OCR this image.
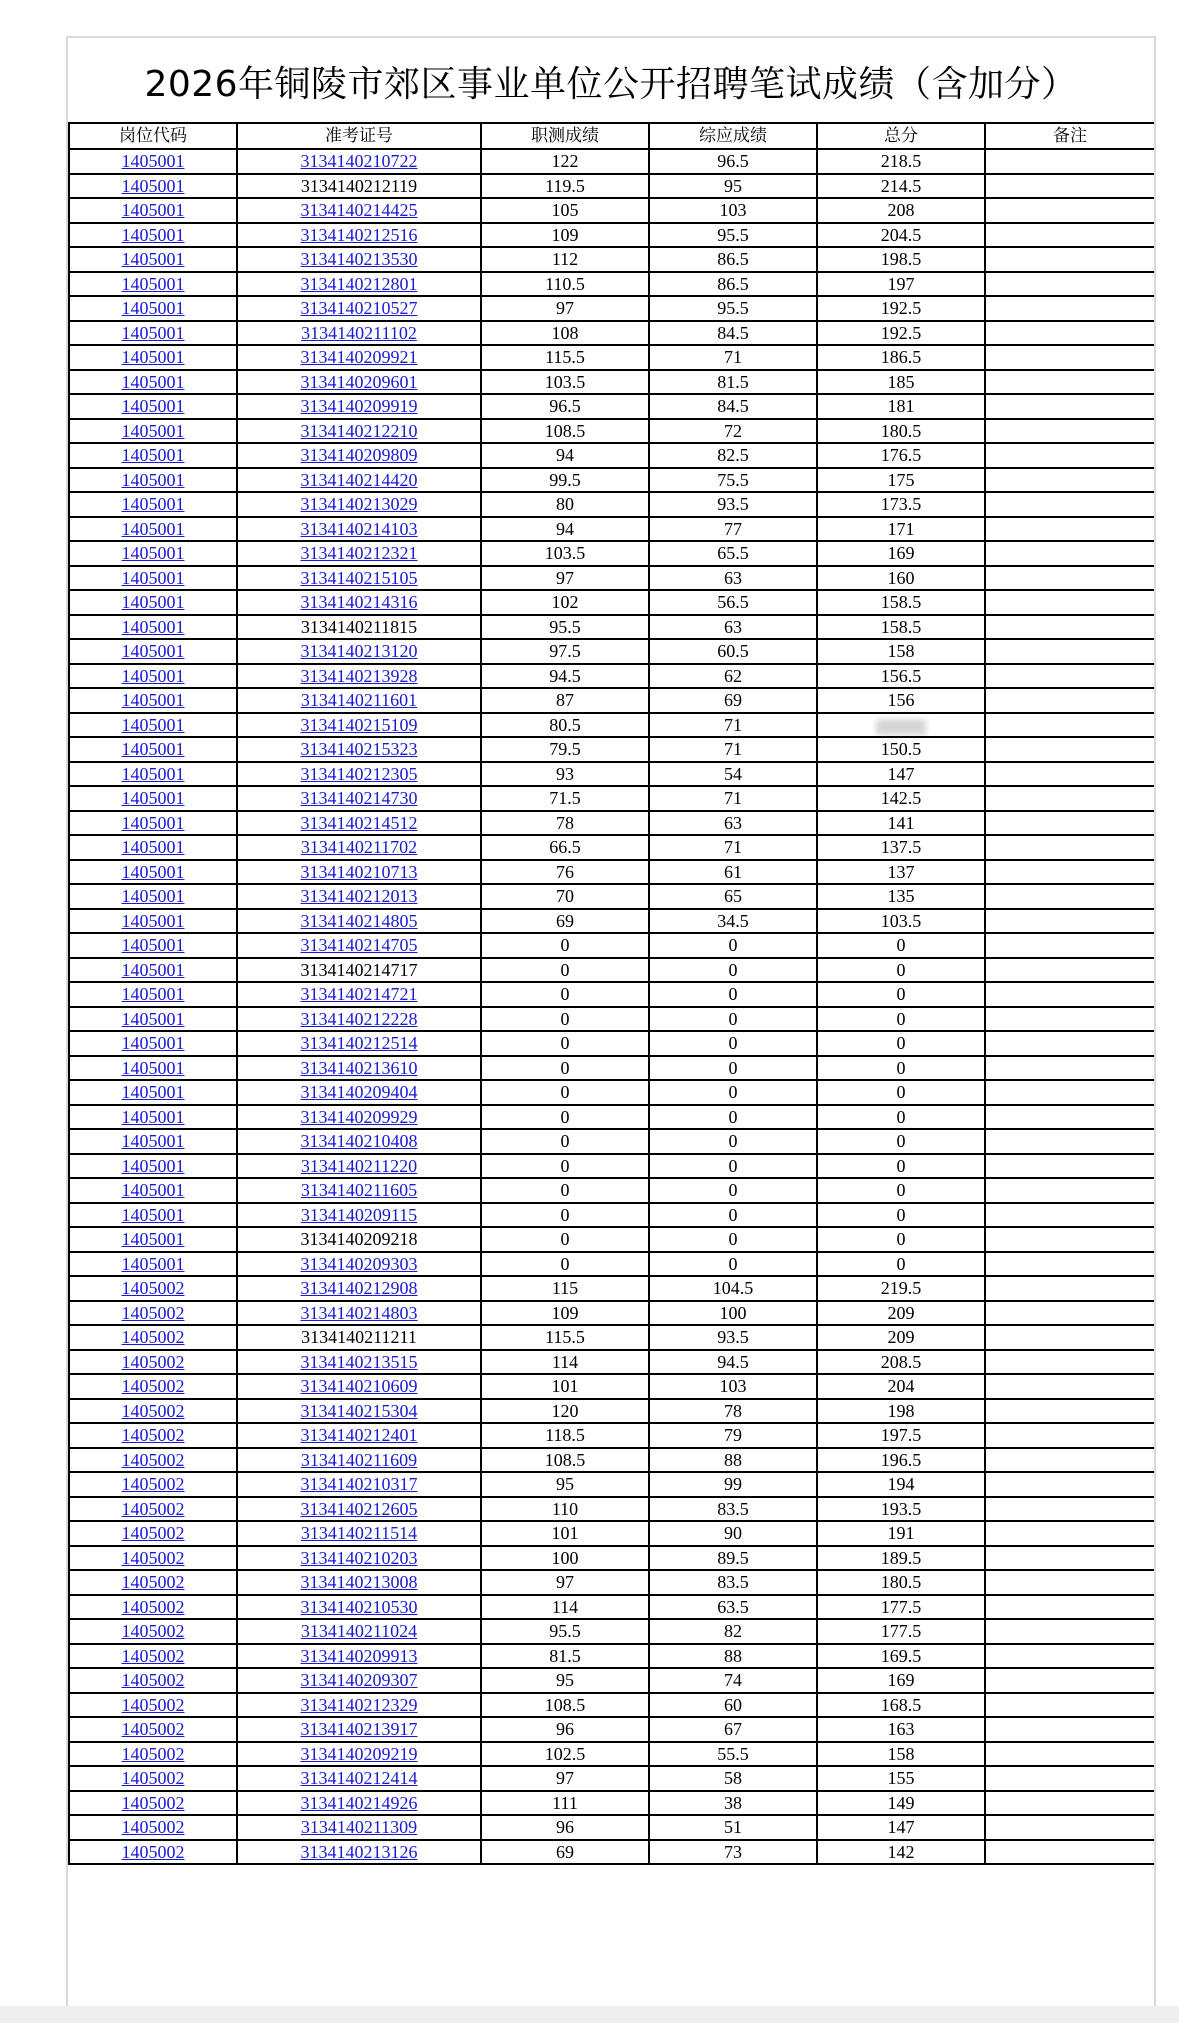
2026年铜陵市郊区事业单位公开招聘笔试成绩（含加分）
岗位代码	准考证号	职测成绩	综应成绩	总分	备注
1405001	3134140210722	122	96.5	218.5	
1405001	3134140212119	119.5	95	214.5	
1405001	3134140214425	105	103	208	
1405001	3134140212516	109	95.5	204.5	
1405001	3134140213530	112	86.5	198.5	
1405001	3134140212801	110.5	86.5	197	
1405001	3134140210527	97	95.5	192.5	
1405001	3134140211102	108	84.5	192.5	
1405001	3134140209921	115.5	71	186.5	
1405001	3134140209601	103.5	81.5	185	
1405001	3134140209919	96.5	84.5	181	
1405001	3134140212210	108.5	72	180.5	
1405001	3134140209809	94	82.5	176.5	
1405001	3134140214420	99.5	75.5	175	
1405001	3134140213029	80	93.5	173.5	
1405001	3134140214103	94	77	171	
1405001	3134140212321	103.5	65.5	169	
1405001	3134140215105	97	63	160	
1405001	3134140214316	102	56.5	158.5	
1405001	3134140211815	95.5	63	158.5	
1405001	3134140213120	97.5	60.5	158	
1405001	3134140213928	94.5	62	156.5	
1405001	3134140211601	87	69	156	
1405001	3134140215109	80.5	71		
1405001	3134140215323	79.5	71	150.5	
1405001	3134140212305	93	54	147	
1405001	3134140214730	71.5	71	142.5	
1405001	3134140214512	78	63	141	
1405001	3134140211702	66.5	71	137.5	
1405001	3134140210713	76	61	137	
1405001	3134140212013	70	65	135	
1405001	3134140214805	69	34.5	103.5	
1405001	3134140214705	0	0	0	
1405001	3134140214717	0	0	0	
1405001	3134140214721	0	0	0	
1405001	3134140212228	0	0	0	
1405001	3134140212514	0	0	0	
1405001	3134140213610	0	0	0	
1405001	3134140209404	0	0	0	
1405001	3134140209929	0	0	0	
1405001	3134140210408	0	0	0	
1405001	3134140211220	0	0	0	
1405001	3134140211605	0	0	0	
1405001	3134140209115	0	0	0	
1405001	3134140209218	0	0	0	
1405001	3134140209303	0	0	0	
1405002	3134140212908	115	104.5	219.5	
1405002	3134140214803	109	100	209	
1405002	3134140211211	115.5	93.5	209	
1405002	3134140213515	114	94.5	208.5	
1405002	3134140210609	101	103	204	
1405002	3134140215304	120	78	198	
1405002	3134140212401	118.5	79	197.5	
1405002	3134140211609	108.5	88	196.5	
1405002	3134140210317	95	99	194	
1405002	3134140212605	110	83.5	193.5	
1405002	3134140211514	101	90	191	
1405002	3134140210203	100	89.5	189.5	
1405002	3134140213008	97	83.5	180.5	
1405002	3134140210530	114	63.5	177.5	
1405002	3134140211024	95.5	82	177.5	
1405002	3134140209913	81.5	88	169.5	
1405002	3134140209307	95	74	169	
1405002	3134140212329	108.5	60	168.5	
1405002	3134140213917	96	67	163	
1405002	3134140209219	102.5	55.5	158	
1405002	3134140212414	97	58	155	
1405002	3134140214926	111	38	149	
1405002	3134140211309	96	51	147	
1405002	3134140213126	69	73	142	
